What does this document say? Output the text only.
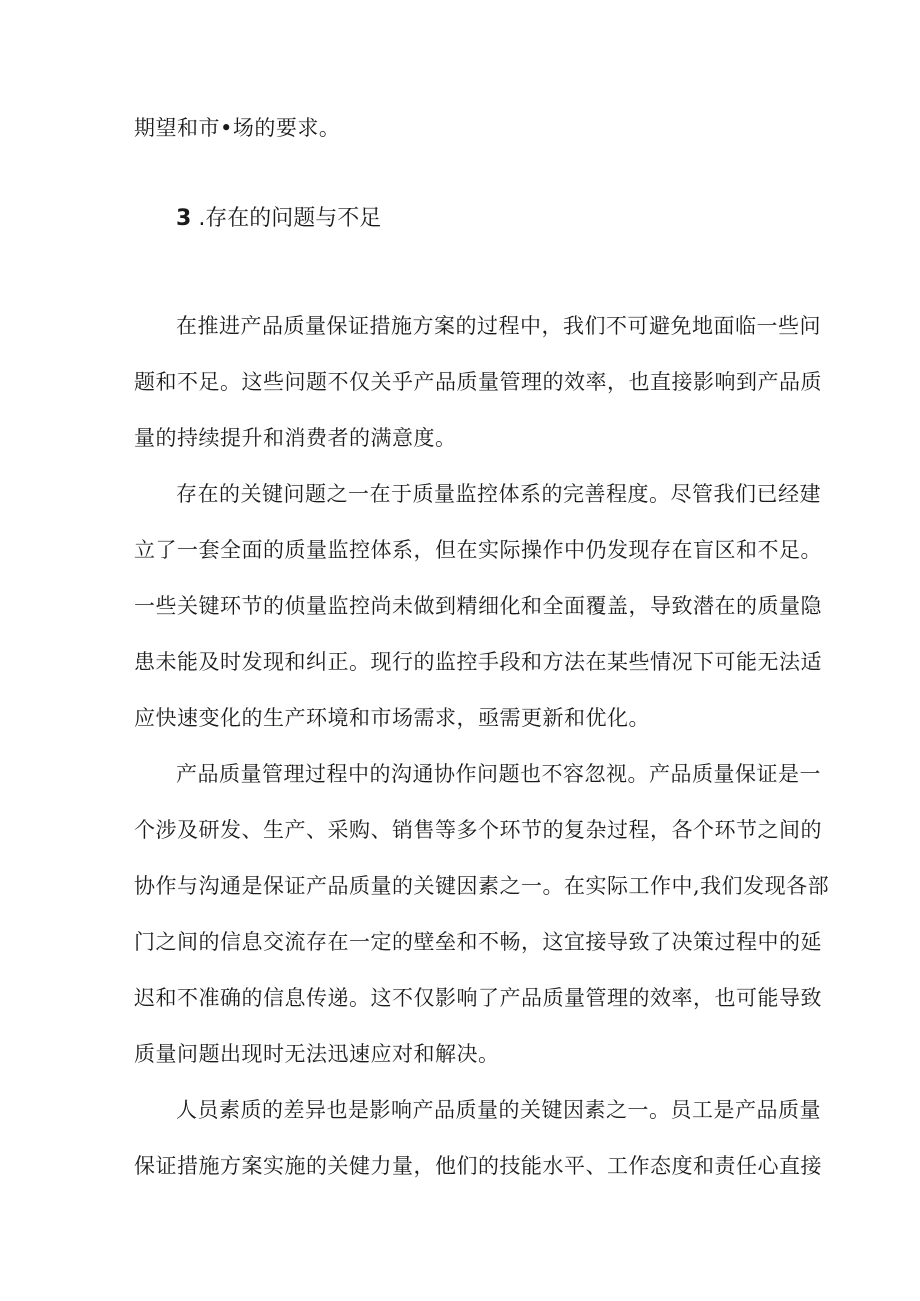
期望和市•场的要求。

3​ .存在的问题与不足

在推进产品质量保证措施方案的过程中，我们不可避免地面临一些问

题和不足。这些问题不仅关乎产品质量管理的效率，也直接影响到产品质

量的持续提升和消费者的满意度。

存在的关键问题之一在于质量监控体系的完善程度。尽管我们已经建

立了一套全面的质量监控体系，但在实际操作中仍发现存在盲区和不足。

一些关键环节的侦量监控尚未做到精细化和全面覆盖，导致潜在的质量隐

患未能及时发现和纠正。现行的监控手段和方法在某些情况下可能无法适

应快速变化的生产环境和市场需求，亟需更新和优化。

产品质量管理过程中的沟通协作问题也不容忽视。产品质量保证是一

个涉及研发、生产、采购、销售等多个环节的复杂过程，各个环节之间的

协作与沟通是保证产品质量的关键因素之一。在实际工作中,我们发现各部

门之间的信息交流存在一定的壁垒和不畅，这宜接导致了决策过程中的延

迟和不准确的信息传递。这不仅影响了产品质量管理的效率，也可能导致

质量问题出现时无法迅速应对和解决。

人员素质的差异也是影响产品质量的关键因素之一。员工是产品质量

保证措施方案实施的关健力量，他们的技能水平、工作态度和责任心直接
